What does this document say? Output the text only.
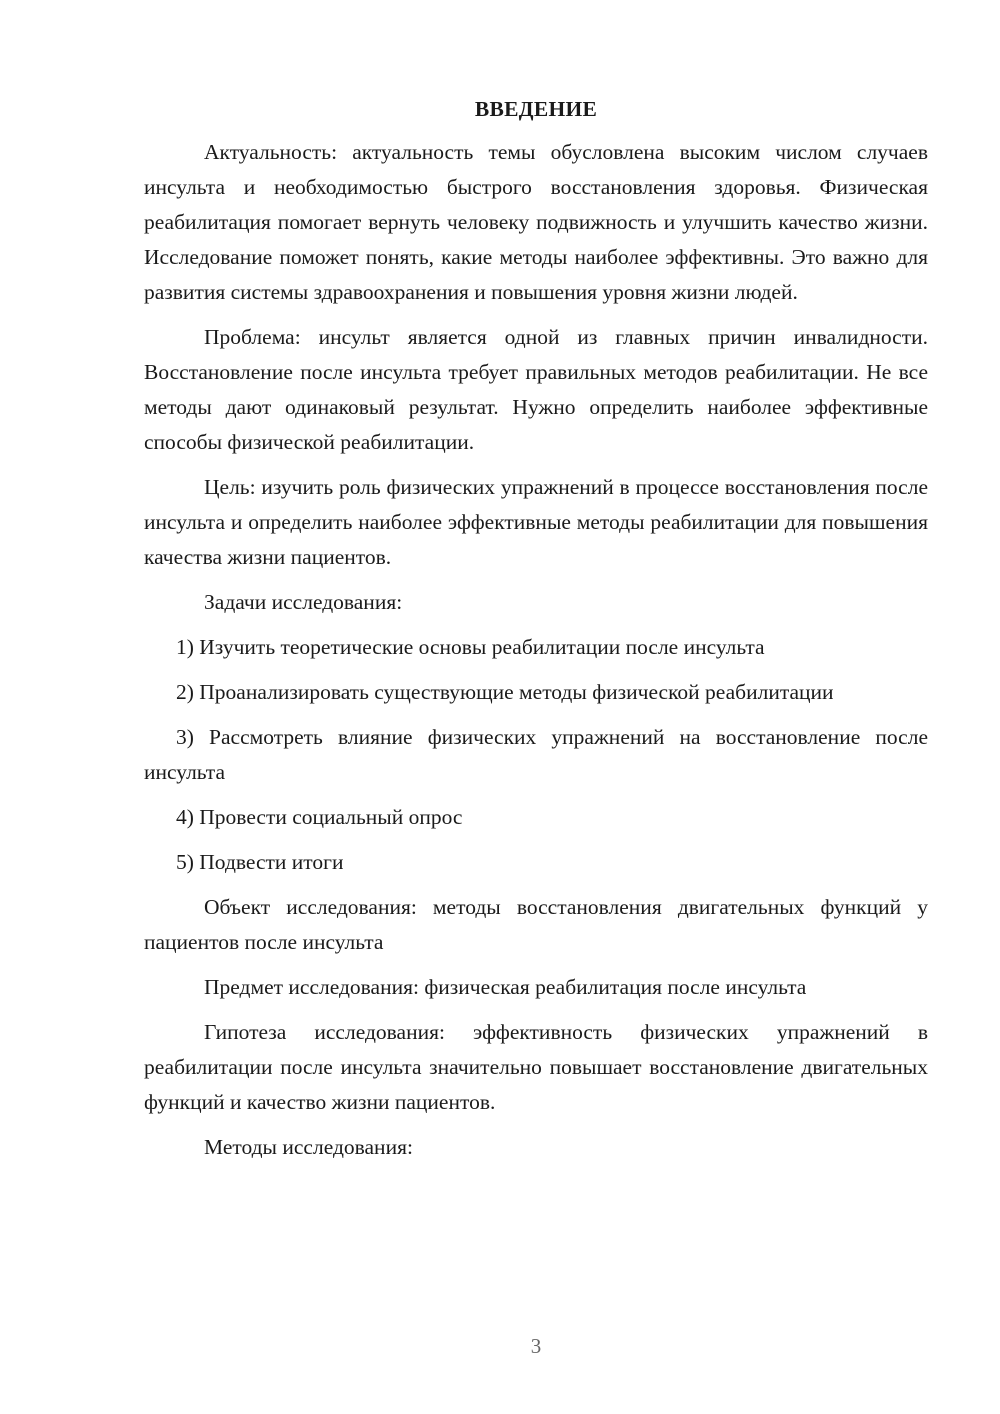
ВВЕДЕНИЕ

Актуальность: актуальность темы обусловлена высоким числом случаев инсульта и необходимостью быстрого восстановления здоровья. Физическая реабилитация помогает вернуть человеку подвижность и улучшить качество жизни. Исследование поможет понять, какие методы наиболее эффективны. Это важно для развития системы здравоохранения и повышения уровня жизни людей.

Проблема: инсульт является одной из главных причин инвалидности. Восстановление после инсульта требует правильных методов реабилитации. Не все методы дают одинаковый результат. Нужно определить наиболее эффективные способы физической реабилитации.

Цель: изучить роль физических упражнений в процессе восстановления после инсульта и определить наиболее эффективные методы реабилитации для повышения качества жизни пациентов.

Задачи исследования:

1) Изучить теоретические основы реабилитации после инсульта

2) Проанализировать существующие методы физической реабилитации

3) Рассмотреть влияние физических упражнений на восстановление после инсульта

4) Провести социальный опрос

5) Подвести итоги

Объект исследования: методы восстановления двигательных функций у пациентов после инсульта

Предмет исследования: физическая реабилитация после инсульта

Гипотеза исследования: эффективность физических упражнений в реабилитации после инсульта значительно повышает восстановление двигательных функций и качество жизни пациентов.

Методы исследования:

3
